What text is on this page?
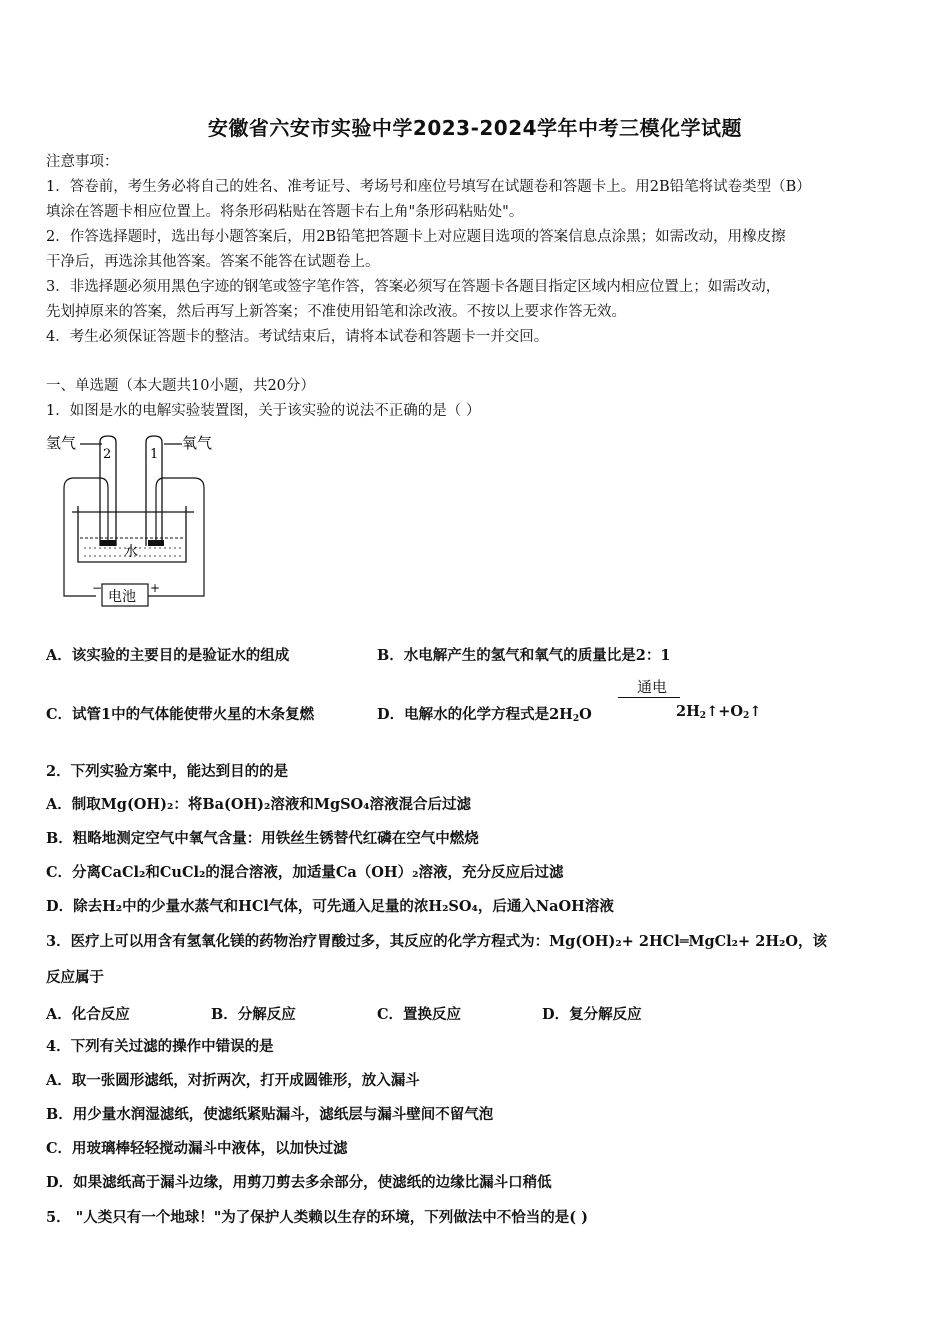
安徽省六安市实验中学2023-2024学年中考三模化学试题
注意事项：
1．答卷前，考生务必将自己的姓名、准考证号、考场号和座位号填写在试题卷和答题卡上。用2B铅笔将试卷类型（B）
填涂在答题卡相应位置上。将条形码粘贴在答题卡右上角"条形码粘贴处"。
2．作答选择题时，选出每小题答案后，用2B铅笔把答题卡上对应题目选项的答案信息点涂黑；如需改动，用橡皮擦
干净后，再选涂其他答案。答案不能答在试题卷上。
3．非选择题必须用黑色字迹的钢笔或签字笔作答，答案必须写在答题卡各题目指定区域内相应位置上；如需改动，
先划掉原来的答案，然后再写上新答案；不准使用铅笔和涂改液。不按以上要求作答无效。
4．考生必须保证答题卡的整洁。考试结束后，请将本试卷和答题卡一并交回。
一、单选题（本大题共10小题，共20分）
1．如图是水的电解实验装置图，关于该实验的说法不正确的是（ ）
氢气	氧气
2	1
水
电池
−	+
A．该实验的主要目的是验证水的组成	B．水电解产生的氢气和氧气的质量比是2：1
C．试管1中的气体能使带火星的木条复燃	D．电解水的化学方程式是$2H_2O$
通电
$2H_2↑+O_2↑$
2．下列实验方案中，能达到目的的是
A．制取Mg(OH)₂：将Ba(OH)₂溶液和MgSO₄溶液混合后过滤
B．粗略地测定空气中氧气含量：用铁丝生锈替代红磷在空气中燃烧
C．分离CaCl₂和CuCl₂的混合溶液，加适量Ca（OH）₂溶液，充分反应后过滤
D．除去H₂中的少量水蒸气和HCl气体，可先通入足量的浓H₂SO₄，后通入NaOH溶液
3．医疗上可以用含有氢氧化镁的药物治疗胃酸过多，其反应的化学方程式为：Mg(OH)₂+ 2HCl═MgCl₂+ 2H₂O，该
反应属于
A．化合反应	B．分解反应	C．置换反应	D．复分解反应
4．下列有关过滤的操作中错误的是
A．取一张圆形滤纸，对折两次，打开成圆锥形，放入漏斗
B．用少量水润湿滤纸，使滤纸紧贴漏斗，滤纸层与漏斗壁间不留气泡
C．用玻璃棒轻轻搅动漏斗中液体，以加快过滤
D．如果滤纸高于漏斗边缘，用剪刀剪去多余部分，使滤纸的边缘比漏斗口稍低
5． "人类只有一个地球！"为了保护人类赖以生存的环境，下列做法中不恰当的是( )
